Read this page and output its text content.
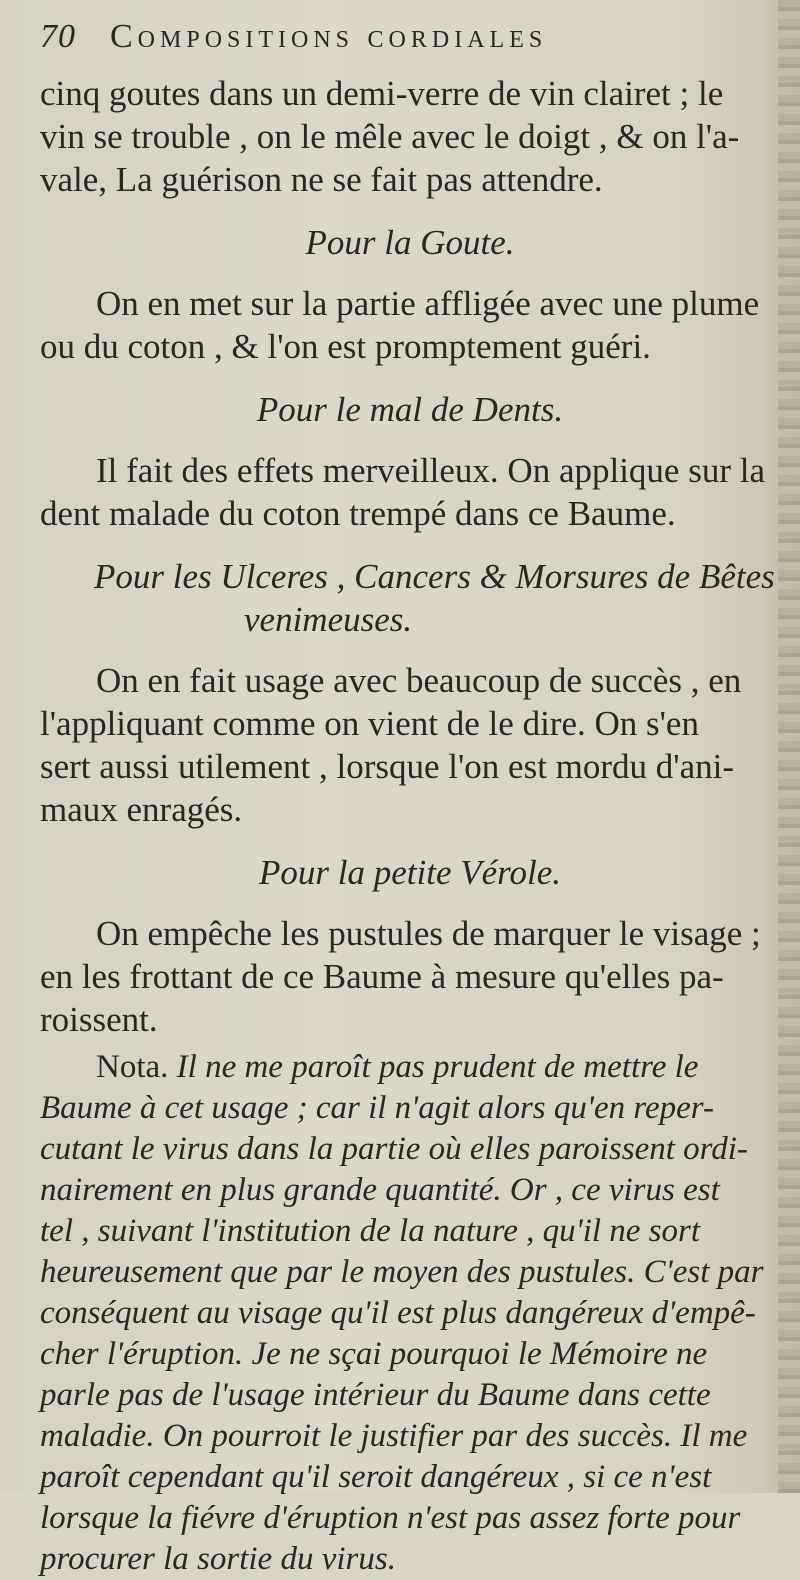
70 Compositions cordiales
cinq goutes dans un demi-verre de vin clairet ; le
vin se trouble , on le mêle avec le doigt , & on l'a-
vale, La guérison ne se fait pas attendre.
Pour la Goute.
On en met sur la partie affligée avec une plume
ou du coton , & l'on est promptement guéri.
Pour le mal de Dents.
Il fait des effets merveilleux. On applique sur la
dent malade du coton trempé dans ce Baume.
Pour les Ulceres , Cancers & Morsures de Bêtes
venimeuses.
On en fait usage avec beaucoup de succès , en
l'appliquant comme on vient de le dire. On s'en
sert aussi utilement , lorsque l'on est mordu d'ani-
maux enragés.
Pour la petite Vérole.
On empêche les pustules de marquer le visage ;
en les frottant de ce Baume à mesure qu'elles pa-
roissent.
Nota. Il ne me paroît pas prudent de mettre le
Baume à cet usage ; car il n'agit alors qu'en reper-
cutant le virus dans la partie où elles paroissent ordi-
nairement en plus grande quantité. Or , ce virus est
tel , suivant l'institution de la nature , qu'il ne sort
heureusement que par le moyen des pustules. C'est par
conséquent au visage qu'il est plus dangéreux d'empê-
cher l'éruption. Je ne sçai pourquoi le Mémoire ne
parle pas de l'usage intérieur du Baume dans cette
maladie. On pourroit le justifier par des succès. Il me
paroît cependant qu'il seroit dangéreux , si ce n'est
lorsque la fiévre d'éruption n'est pas assez forte pour
procurer la sortie du virus.
